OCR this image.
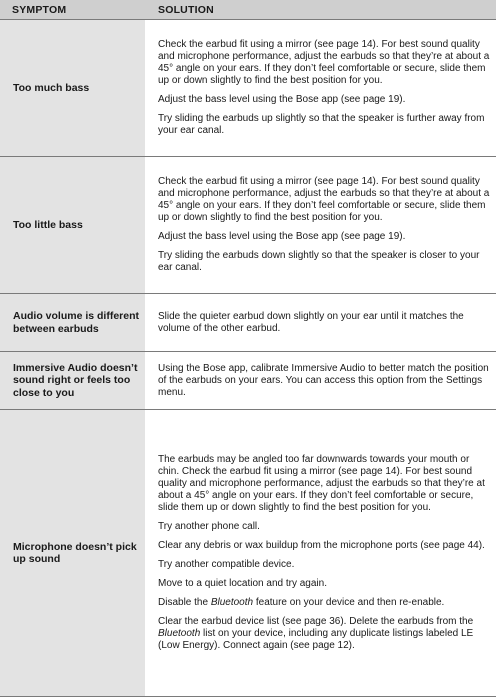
SYMPTOM	SOLUTION
Too much bass

Check the earbud fit using a mirror (see page 14). For best sound quality and microphone performance, adjust the earbuds so that they’re at about a 45° angle on your ears. If they don’t feel comfortable or secure, slide them up or down slightly to find the best position for you.

Adjust the bass level using the Bose app (see page 19).

Try sliding the earbuds up slightly so that the speaker is further away from your ear canal.

Too little bass

Check the earbud fit using a mirror (see page 14). For best sound quality and microphone performance, adjust the earbuds so that they’re at about a 45° angle on your ears. If they don’t feel comfortable or secure, slide them up or down slightly to find the best position for you.

Adjust the bass level using the Bose app (see page 19).

Try sliding the earbuds down slightly so that the speaker is closer to your ear canal.

Audio volume is different between earbuds

Slide the quieter earbud down slightly on your ear until it matches the volume of the other earbud.

Immersive Audio doesn’t sound right or feels too close to you

Using the Bose app, calibrate Immersive Audio to better match the position of the earbuds on your ears. You can access this option from the Settings menu.

Microphone doesn’t pick up sound

The earbuds may be angled too far downwards towards your mouth or chin. Check the earbud fit using a mirror (see page 14). For best sound quality and microphone performance, adjust the earbuds so that they’re at about a 45° angle on your ears. If they don’t feel comfortable or secure, slide them up or down slightly to find the best position for you.

Try another phone call.

Clear any debris or wax buildup from the microphone ports (see page 44).

Try another compatible device.

Move to a quiet location and try again.

Disable the Bluetooth feature on your device and then re-enable.

Clear the earbud device list (see page 36). Delete the earbuds from the Bluetooth list on your device, including any duplicate listings labeled LE (Low Energy). Connect again (see page 12).
